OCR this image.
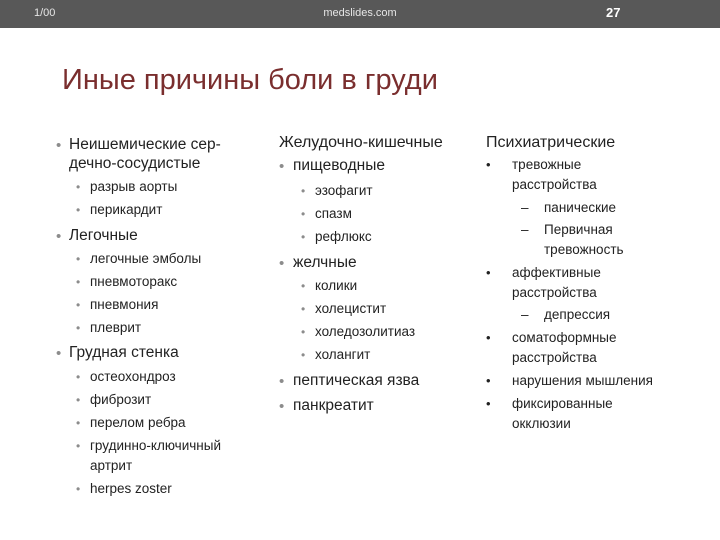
1/00	medslides.com	27
Иные причины боли в груди
• Неишемические сер-
дечно-сосудистые
• разрыв аорты
• перикардит
• Легочные
• легочные эмболы
• пневмоторакс
• пневмония
• плеврит
• Грудная стенка
• остеохондроз
• фиброзит
• перелом ребра
• грудинно-ключичный
артрит
• herpes zoster
Желудочно-кишечные
• пищеводные
• эзофагит
• спазм
• рефлюкс
• желчные
• колики
• холецистит
• холедозолитиаз
• холангит
• пептическая язва
• панкреатит
Психиатрические
• тревожные
расстройства
– панические
– Первичная
тревожность
• аффективные
расстройства
– депрессия
• соматоформные
расстройства
• нарушения мышления
• фиксированные
окклюзии
